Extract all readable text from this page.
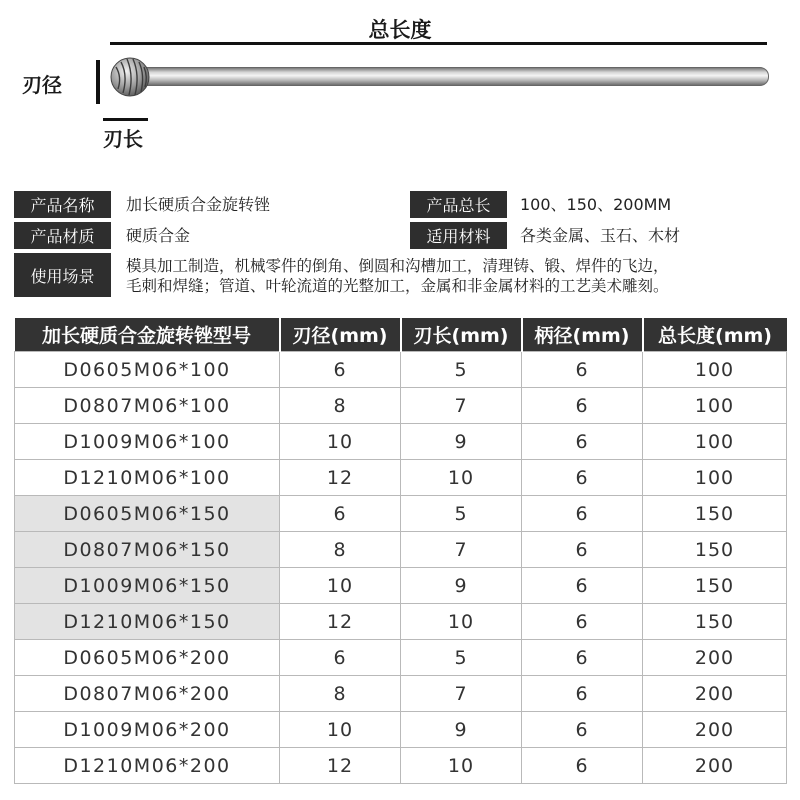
总长度
刃径
刃长
产品名称	加长硬质合金旋转锉	产品总长	100、150、200MM
产品材质	硬质合金	适用材料	各类金属、玉石、木材
使用场景
模具加工制造，机械零件的倒角、倒圆和沟槽加工，清理铸、锻、焊件的飞边，
毛刺和焊缝；管道、叶轮流道的光整加工，金属和非金属材料的工艺美术雕刻。
加长硬质合金旋转锉型号	刃径(mm)	刃长(mm)	柄径(mm)	总长度(mm)
D0605M06*100	6	5	6	100
D0807M06*100	8	7	6	100
D1009M06*100	10	9	6	100
D1210M06*100	12	10	6	100
D0605M06*150	6	5	6	150
D0807M06*150	8	7	6	150
D1009M06*150	10	9	6	150
D1210M06*150	12	10	6	150
D0605M06*200	6	5	6	200
D0807M06*200	8	7	6	200
D1009M06*200	10	9	6	200
D1210M06*200	12	10	6	200
